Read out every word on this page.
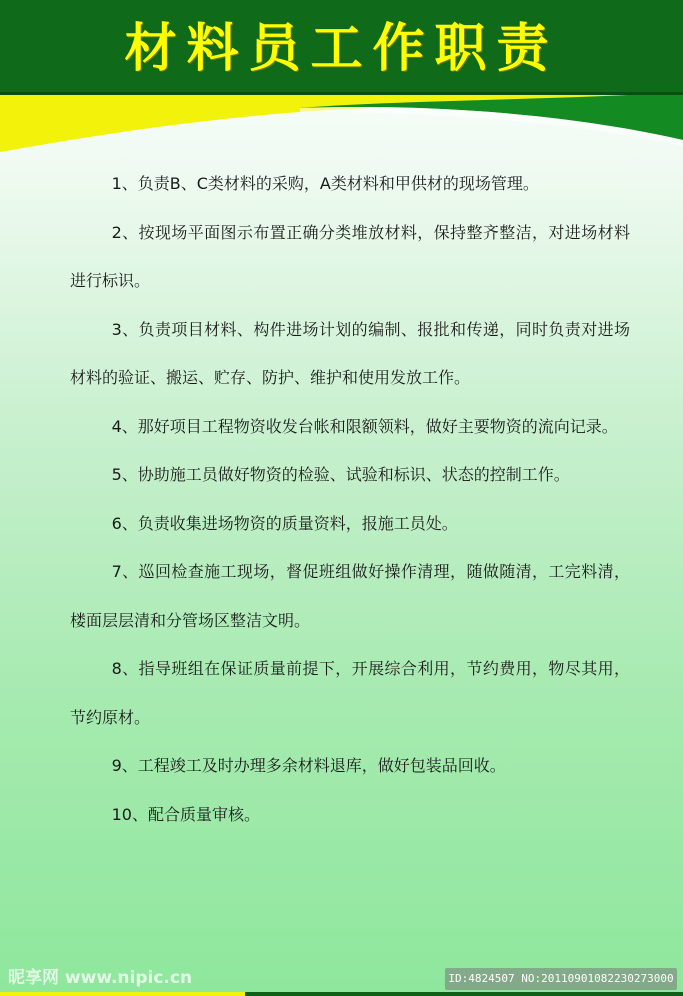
材料员工作职责

1、负责B、C类材料的采购，A类材料和甲供材的现场管理。

2、按现场平面图示布置正确分类堆放材料，保持整齐整洁，对进场材料进行标识。

3、负责项目材料、构件进场计划的编制、报批和传递，同时负责对进场材料的验证、搬运、贮存、防护、维护和使用发放工作。

4、那好项目工程物资收发台帐和限额领料，做好主要物资的流向记录。

5、协助施工员做好物资的检验、试验和标识、状态的控制工作。

6、负责收集进场物资的质量资料，报施工员处。

7、巡回检查施工现场，督促班组做好操作清理，随做随清，工完料清，楼面层层清和分管场区整洁文明。

8、指导班组在保证质量前提下，开展综合利用，节约费用，物尽其用，节约原材。

9、工程竣工及时办理多余材料退库，做好包装品回收。

10、配合质量审核。

昵享网 www.nipic.cn	ID:4824507 NO:20110901082230273000
